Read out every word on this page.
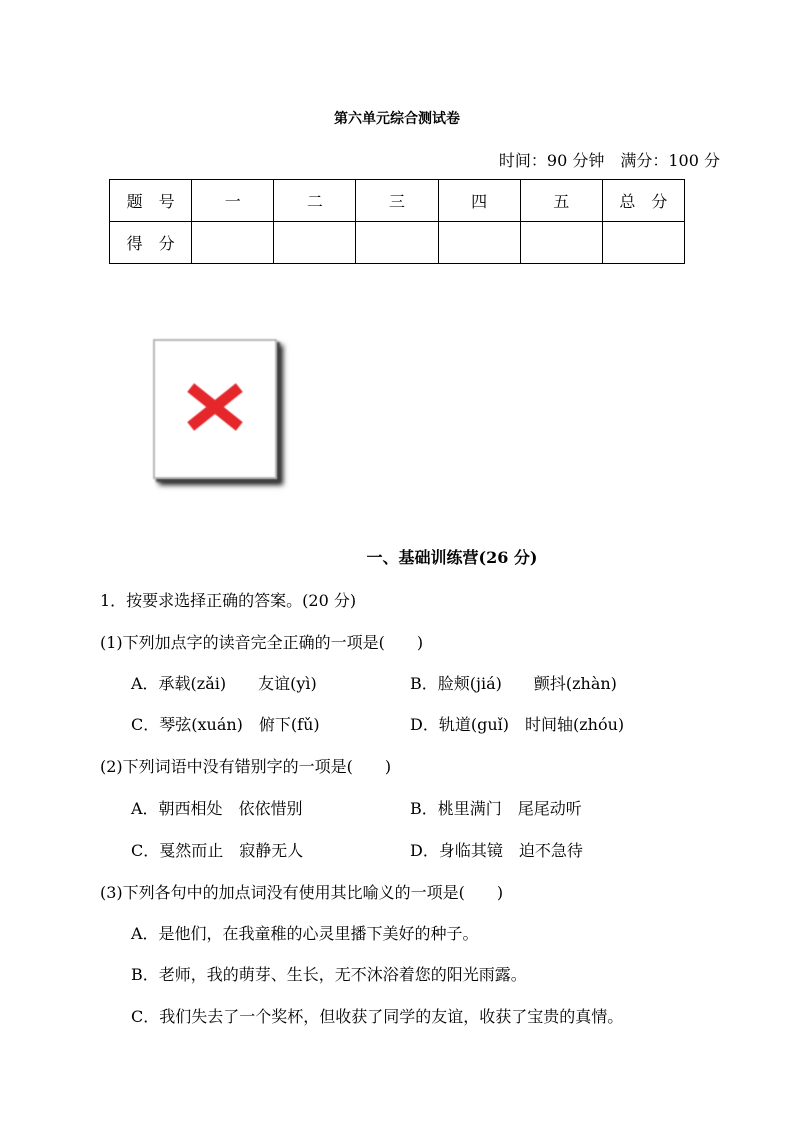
第六单元综合测试卷
时间：90 分钟　满分：100 分
题　号	一	二	三	四	五	总　分
得　分						
一、基础训练营(26 分)
1．按要求选择正确的答案。(20 分)
(1)下列加点字的读音完全正确的一项是(　　)
A．承载(zǎi)　　友谊(yì)	B．脸颊(jiá)　　颤抖(zhàn)
C．琴弦(xuán)　俯下(fǔ)	D．轨道(guǐ)　时间轴(zhóu)
(2)下列词语中没有错别字的一项是(　　)
A．朝西相处　依依惜别	B．桃里满门　尾尾动听
C．戛然而止　寂静无人	D．身临其镜　迫不急待
(3)下列各句中的加点词没有使用其比喻义的一项是(　　)
A．是他们，在我童稚的心灵里播下美好的种子。
B．老师，我的萌芽、生长，无不沐浴着您的阳光雨露。
C．我们失去了一个奖杯，但收获了同学的友谊，收获了宝贵的真情。
